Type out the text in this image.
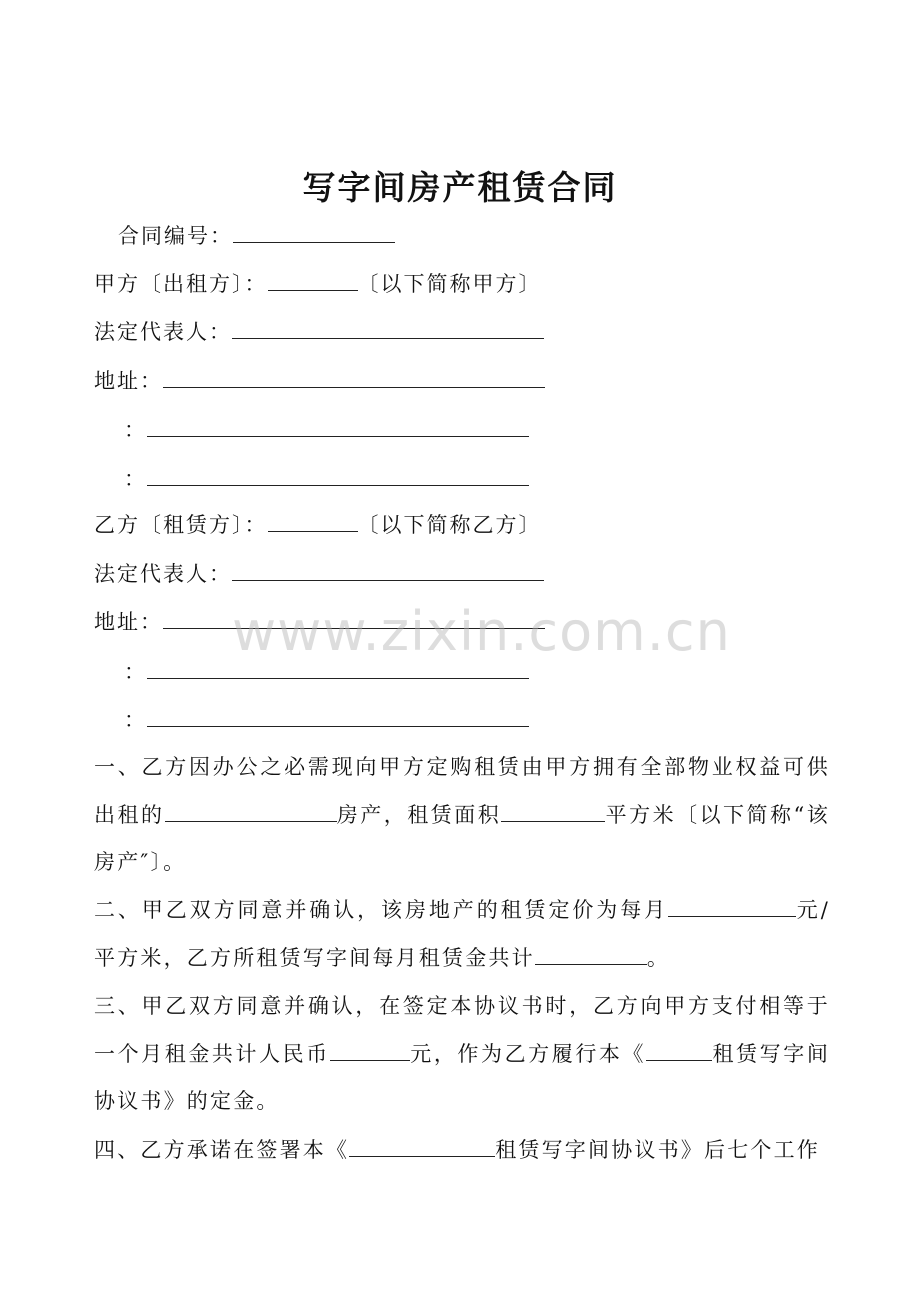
写字间房产租赁合同
合同编号：
甲方〔出租方〕：	〔以下简称甲方〕
法定代表人：
地址：
：
：
乙方〔租赁方〕：	〔以下简称乙方〕
法定代表人：
地址：
：
：
一、乙方因办公之必需现向甲方定购租赁由甲方拥有全部物业权益可供出租的	房产，租赁面积	平方米〔以下简称“该房产″〕。
二、甲乙双方同意并确认，该房地产的租赁定价为每月	元/平方米，乙方所租赁写字间每月租赁金共计	。
三、甲乙双方同意并确认，在签定本协议书时，乙方向甲方支付相等于一个月租金共计人民币	元，作为乙方履行本《	租赁写字间协议书》的定金。
四、乙方承诺在签署本《	租赁写字间协议书》后七个工作
www.zixin.com.cn
